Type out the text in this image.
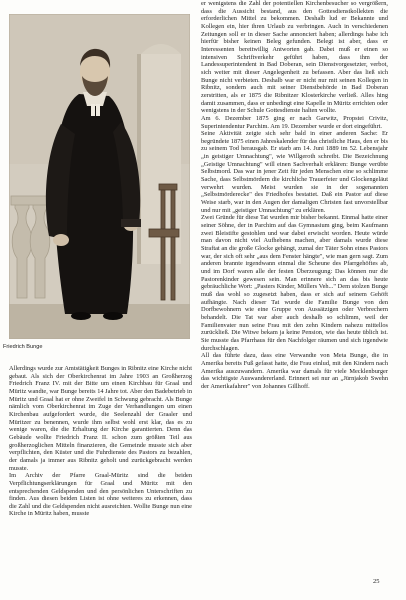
Friedrich Bunge

er wenigstens die Zahl der potentiellen Kirchenbesucher so vergrößern, dass die Aussicht bestand, aus den Gottesdienstkollekten die erforderlichen Mittel zu bekommen. Deshalb lud er Bekannte und Kollegen ein, hier ihren Urlaub zu verbringen. Auch in verschiedenen Zeitungen soll er in dieser Sache annonciert haben; allerdings habe ich hierfür bisher keinen Beleg gefunden. Belegt ist aber, dass er Interessenten bereitwillig Antworten gab. Dabei muß er einen so intensiven Schriftverkehr geführt haben, dass ihm der Landessuperintendent in Bad Doberan, sein Dienstvorgesetzter, verbot, sich weiter mit dieser Angelegenheit zu befassen. Aber das ließ sich Bunge nicht verbieten. Deshalb war er nicht nur mit seinen Kollegen in Ribnitz, sondern auch mit seiner Dienstbehörde in Bad Doberan zerstritten, als er 1875 die Ribnitzer Klosterkirche verließ. Alles hing damit zusammen, dass er unbedingt eine Kapelle in Müritz errichten oder wenigstens in der Schule Gottesdienste halten wollte.

Am 6. Dezember 1875 ging er nach Garwitz, Propstei Crivitz, Superintendentur Parchim. Am 19. Dezember wurde er dort eingeführt.

Seine Aktivität zeigte sich sehr bald in einer anderen Sache: Er begründete 1875 einen Jahreskalender für das christliche Haus, den er bis zu seinem Tod herausgab. Er starb am 14. Juni 1889 im 52. Lebensjahr „in geistiger Umnachtung", wie Willgeroth schreibt. Die Bezeichnung „Geistige Umnachtung" will einen Sachverhalt erklären: Bunge verübte Selbstmord. Das war in jener Zeit für jeden Menschen eine so schlimme Sache, dass Selbstmördern die kirchliche Trauerfeier und Glockengeläut verwehrt wurden. Meist wurden sie in der sogenannten „Selbstmörderecke" des Friedhofes bestattet. Daß ein Pastor auf diese Weise starb, war in den Augen der damaligen Christen fast unvorstellbar und nur mit „geistiger Umnachtung" zu erklären.

Zwei Gründe für diese Tat wurden mir bisher bekannt. Einmal hatte einer seiner Söhne, der in Parchim auf das Gymnasium ging, beim Kaufmann zwei Bleistifte gestohlen und war dabei erwischt worden. Heute würde man davon nicht viel Aufhebens machen, aber damals wurde diese Straftat an die große Glocke gehängt, zumal der Täter Sohn eines Pastors war, der sich oft sehr „aus dem Fenster hängte", wie man gern sagt. Zum anderen brannte irgendwann einmal die Scheune des Pfarrgehöftes ab, und im Dorf waren alle der festen Überzeugung: Das können nur die Pastorenkinder gewesen sein. Man erinnere sich an das bis heute gebräuchliche Wort: „Pasters Kinder, Müllers Veh..." Dem stolzen Bunge muß das wohl so zugesetzt haben, dass er sich auf seinem Gehöft aufhängte. Nach dieser Tat wurde die Familie Bunge von den Dorfbewohnern wie eine Gruppe von Aussätzigen oder Verbrechern behandelt. Die Tat war aber auch deshalb so schlimm, weil der Familienvater nun seine Frau mit den zehn Kindern nahezu mittellos zurückließ. Die Witwe bekam ja keine Pension, wie das heute üblich ist. Sie musste das Pfarrhaus für den Nachfolger räumen und sich irgendwie durchschlagen.

All das führte dazu, dass eine Verwandte von Meta Bunge, die in Amerika bereits Fuß gefasst hatte, die Frau einlud, mit den Kindern nach Amerika auszuwandern. Amerika war damals für viele Mecklenburger das wichtigste Auswandererland. Erinnert sei nur an „Jürnjakob Swehn der Amerikafahrer" von Johannes Gillhoff.

Allerdings wurde zur Amtstätigkeit Bunges in Ribnitz eine Kirche nicht gebaut. Als sich der Oberkirchenrat im Jahre 1903 an Großherzog Friedrich Franz IV. mit der Bitte um einen Kirchbau für Graal und Müritz wandte, war Bunge bereits 14 Jahre tot. Aber den Badebetrieb in Müritz und Graal hat er ohne Zweifel in Schwung gebracht. Als Bunge nämlich vom Oberkirchenrat im Zuge der Verhandlungen um einen Kirchenbau aufgefordert wurde, die Seelenzahl der Graaler und Müritzer zu benennen, wurde ihm selbst wohl erst klar, das es zu wenige waren, die die Erhaltung der Kirche garantierten. Denn das Gebäude wollte Friedrich Franz II. schon zum größten Teil aus großherzoglichen Mitteln finanzieren, die Gemeinde musste sich aber verpflichten, den Küster und die Fuhrdienste des Pastors zu bezahlen, der damals ja immer aus Ribnitz geholt und zurückgebracht werden musste.

Im Archiv der Pfarre Graal-Müritz sind die beiden Verpflichtungserklärungen für Graal und Müritz mit den entsprechenden Geldspenden und den persönlichen Unterschriften zu finden. Aus diesen beiden Listen ist ohne weiteres zu erkennen, dass die Zahl und die Geldspenden nicht ausreichten. Wollte Bunge nun eine Kirche in Müritz haben, musste

25
